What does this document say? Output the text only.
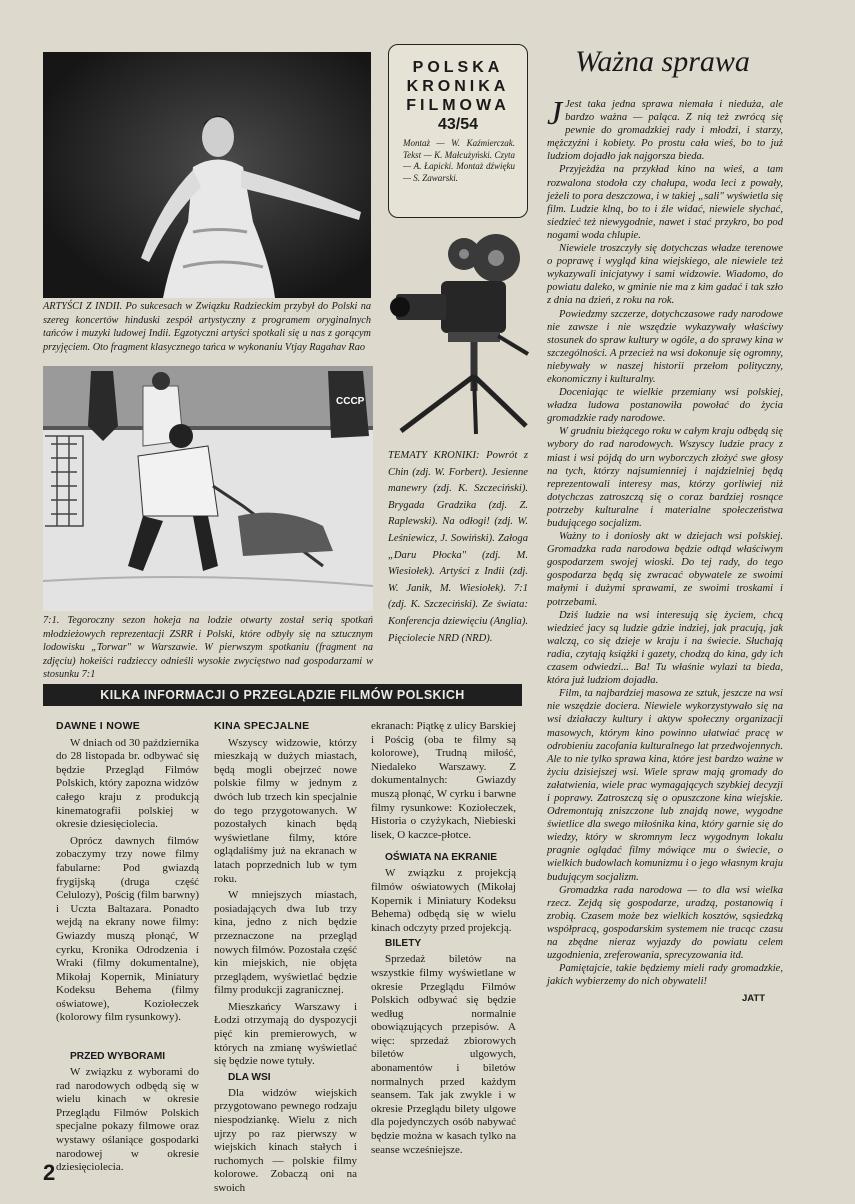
ARTYŚCI Z INDII. Po sukcesach w Związku Radzieckim przybył do Polski na szereg koncertów hinduski zespół artystyczny z programem oryginalnych tańców i muzyki ludowej Indii. Egzotyczni artyści spotkali się u nas z gorącym przyjęciem. Oto fragment klasycznego tańca w wykonaniu Vtjay Ragahav Rao

СССР

7:1. Tegoroczny sezon hokeja na lodzie otwarty został serią spotkań młodzieżowych reprezentacji ZSRR i Polski, które odbyły się na sztucznym lodowisku „Torwar" w Warszawie. W pierwszym spotkaniu (fragment na zdjęciu) hokeiści radzieccy odnieśli wysokie zwycięstwo nad gospodarzami w stosunku 7:1

POLSKA
KRONIKA
FILMOWA
43/54

Montaż — W. Kaźmierczak. Tekst — K. Małcużyński. Czyta — A. Łapicki. Montaż dźwięku — S. Zawarski.

TEMATY KRONIKI: Powrót z Chin (zdj. W. Forbert). Jesienne manewry (zdj. K. Szczeciński). Brygada Gradzika (zdj. Z. Raplewski). Na odłogi! (zdj. W. Leśniewicz, J. Sowiński). Załoga „Daru Płocka" (zdj. M. Wiesiołek). Artyści z Indii (zdj. W. Janik, M. Wiesiołek). 7:1 (zdj. K. Szczeciński). Ze świata: Konferencja dziewięciu (Anglia). Pięciolecie NRD (NRD).

Ważna sprawa

J Jest taka jedna sprawa niemała i nieduża, ale bardzo ważna — paląca. Z nią też zwrócą się pewnie do gromadzkiej rady i młodzi, i starzy, mężczyźni i kobiety. Po prostu cała wieś, bo to już ludziom dojadło jak najgorsza bieda.

Przyjeżdża na przykład kino na wieś, a tam rozwalona stodoła czy chałupa, woda leci z powały, jeżeli to pora deszczowa, i w takiej „sali" wyświetla się film. Ludzie klną, bo to i źle widać, niewiele słychać, siedzieć też niewygodnie, nawet i stać przykro, bo pod nogami woda chlupie.

Niewiele troszczyły się dotychczas władze terenowe o poprawę i wygląd kina wiejskiego, ale niewiele też wykazywali inicjatywy i sami widzowie. Wiadomo, do powiatu daleko, w gminie nie ma z kim gadać i tak szło z dnia na dzień, z roku na rok.

Powiedzmy szczerze, dotychczasowe rady narodowe nie zawsze i nie wszędzie wykazywały właściwy stosunek do spraw kultury w ogóle, a do sprawy kina w szczególności. A przecież na wsi dokonuje się ogromny, niebywały w naszej historii przełom polityczny, ekonomiczny i kulturalny.

Doceniając te wielkie przemiany wsi polskiej, władza ludowa postanowiła powołać do życia gromadzkie rady narodowe.

W grudniu bieżącego roku w całym kraju odbędą się wybory do rad narodowych. Wszyscy ludzie pracy z miast i wsi pójdą do urn wyborczych złożyć swe głosy na tych, którzy najsumienniej i najdzielniej będą reprezentowali interesy mas, którzy gorliwiej niż dotychczas zatroszczą się o coraz bardziej rosnące potrzeby kulturalne i materialne społeczeństwa budującego socjalizm.

Ważny to i doniosły akt w dziejach wsi polskiej. Gromadzka rada narodowa będzie odtąd właściwym gospodarzem swojej wioski. Do tej rady, do tego gospodarza będą się zwracać obywatele ze swoimi małymi i dużymi sprawami, ze swoimi troskami i potrzebami.

Dziś ludzie na wsi interesują się życiem, chcą wiedzieć jacy są ludzie gdzie indziej, jak pracują, jak walczą, co się dzieje w kraju i na świecie. Słuchają radia, czytają książki i gazety, chodzą do kina, gdy ich czasem odwiedzi... Ba! Tu właśnie wylazi ta bieda, która już ludziom dojadła.

Film, ta najbardziej masowa ze sztuk, jeszcze na wsi nie wszędzie dociera. Niewiele wykorzystywało się na wsi działaczy kultury i aktyw społeczny organizacji masowych, którym kino powinno ułatwiać pracę w odrobieniu zacofania kulturalnego lat przedwojennych. Ale to nie tylko sprawa kina, które jest bardzo ważne w życiu dzisiejszej wsi. Wiele spraw mają gromady do załatwienia, wiele prac wymagających szybkiej decyzji i poprawy. Zatroszczą się o opuszczone kina wiejskie. Odremontują zniszczone lub znajdą nowe, wygodne świetlice dla swego miłośnika kina, który garnie się do wiedzy, który w skromnym lecz wygodnym lokalu pragnie oglądać filmy mówiące mu o świecie, o wielkich budowlach komunizmu i o jego własnym kraju budującym socjalizm.

Gromadzka rada narodowa — to dla wsi wielka rzecz. Zejdą się gospodarze, uradzą, postanowią i zrobią. Czasem może bez wielkich kosztów, sąsiedzką współpracą, gospodarskim systemem nie tracąc czasu na zbędne nieraz wyjazdy do powiatu celem uzgodnienia, zreferowania, sprecyzowania itd.

Pamiętajcie, takie będziemy mieli rady gromadzkie, jakich wybierzemy do nich obywateli!

JATT

KILKA INFORMACJI O PRZEGLĄDZIE FILMÓW POLSKICH

DAWNE I NOWE

W dniach od 30 października do 28 listopada br. odbywać się będzie Przegląd Filmów Polskich, który zapozna widzów całego kraju z produkcją kinematografii polskiej w okresie dziesięciolecia.

Oprócz dawnych filmów zobaczymy trzy nowe filmy fabularne: Pod gwiazdą frygijską (druga część Celulozy), Pościg (film barwny) i Uczta Baltazara. Ponadto wejdą na ekrany nowe filmy: Gwiazdy muszą płonąć, W cyrku, Kronika Odrodzenia i Wraki (filmy dokumentalne), Mikołaj Kopernik, Miniatury Kodeksu Behema (filmy oświatowe), Koziołeczek (kolorowy film rysunkowy).

PRZED WYBORAMI

W związku z wyborami do rad narodowych odbędą się w wielu kinach w okresie Przeglądu Filmów Polskich specjalne pokazy filmowe oraz wystawy oślaniące gospodarki narodowej w okresie dziesięciolecia.

KINA SPECJALNE

Wszyscy widzowie, którzy mieszkają w dużych miastach, będą mogli obejrzeć nowe polskie filmy w jednym z dwóch lub trzech kin specjalnie do tego przygotowanych. W pozostałych kinach będą wyświetlane filmy, które oglądaliśmy już na ekranach w latach poprzednich lub w tym roku.

W mniejszych miastach, posiadających dwa lub trzy kina, jedno z nich będzie przeznaczone na przegląd nowych filmów. Pozostała część kin miejskich, nie objęta przeglądem, wyświetlać będzie filmy produkcji zagranicznej.

Mieszkańcy Warszawy i Łodzi otrzymają do dyspozycji pięć kin premierowych, w których na zmianę wyświetlać się będzie nowe tytuły.

DLA WSI

Dla widzów wiejskich przygotowano pewnego rodzaju niespodziankę. Wielu z nich ujrzy po raz pierwszy w wiejskich kinach stałych i ruchomych — polskie filmy kolorowe. Zobaczą oni na swoich

ekranach: Piątkę z ulicy Barskiej i Pościg (oba te filmy są kolorowe), Trudną miłość, Niedaleko Warszawy. Z dokumentalnych: Gwiazdy muszą płonąć, W cyrku i barwne filmy rysunkowe: Koziołeczek, Historia o czyżykach, Niebieski lisek, O kaczce-płotce.

OŚWIATA NA EKRANIE

W związku z projekcją filmów oświatowych (Mikołaj Kopernik i Miniatury Kodeksu Behema) odbędą się w wielu kinach odczyty przed projekcją.

BILETY

Sprzedaż biletów na wszystkie filmy wyświetlane w okresie Przeglądu Filmów Polskich odbywać się będzie według normalnie obowiązujących przepisów. A więc: sprzedaż zbiorowych biletów ulgowych, abonamentów i biletów normalnych przed każdym seansem. Tak jak zwykle i w okresie Przeglądu bilety ulgowe dla pojedynczych osób nabywać będzie można w kasach tylko na seanse wcześniejsze.

2
